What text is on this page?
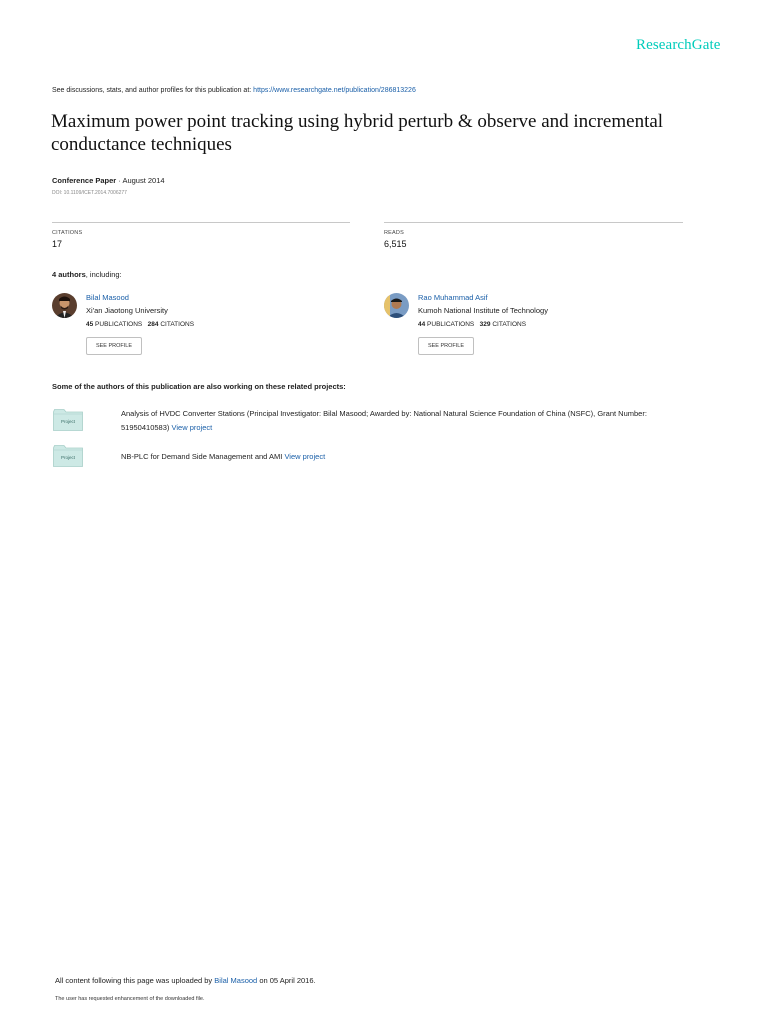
ResearchGate
See discussions, stats, and author profiles for this publication at: https://www.researchgate.net/publication/286813226
Maximum power point tracking using hybrid perturb & observe and incremental conductance techniques
Conference Paper · August 2014
DOI: 10.1109/ICET.2014.7006277
CITATIONS
17
READS
6,515
4 authors, including:
Bilal Masood
Xi'an Jiaotong University
45 PUBLICATIONS 284 CITATIONS
SEE PROFILE
Rao Muhammad Asif
Kumoh National Institute of Technology
44 PUBLICATIONS 329 CITATIONS
SEE PROFILE
Some of the authors of this publication are also working on these related projects:
Project
Analysis of HVDC Converter Stations (Principal Investigator: Bilal Masood; Awarded by: National Natural Science Foundation of China (NSFC), Grant Number: 51950410583) View project
Project	NB-PLC for Demand Side Management and AMI View project
All content following this page was uploaded by Bilal Masood on 05 April 2016.
The user has requested enhancement of the downloaded file.
